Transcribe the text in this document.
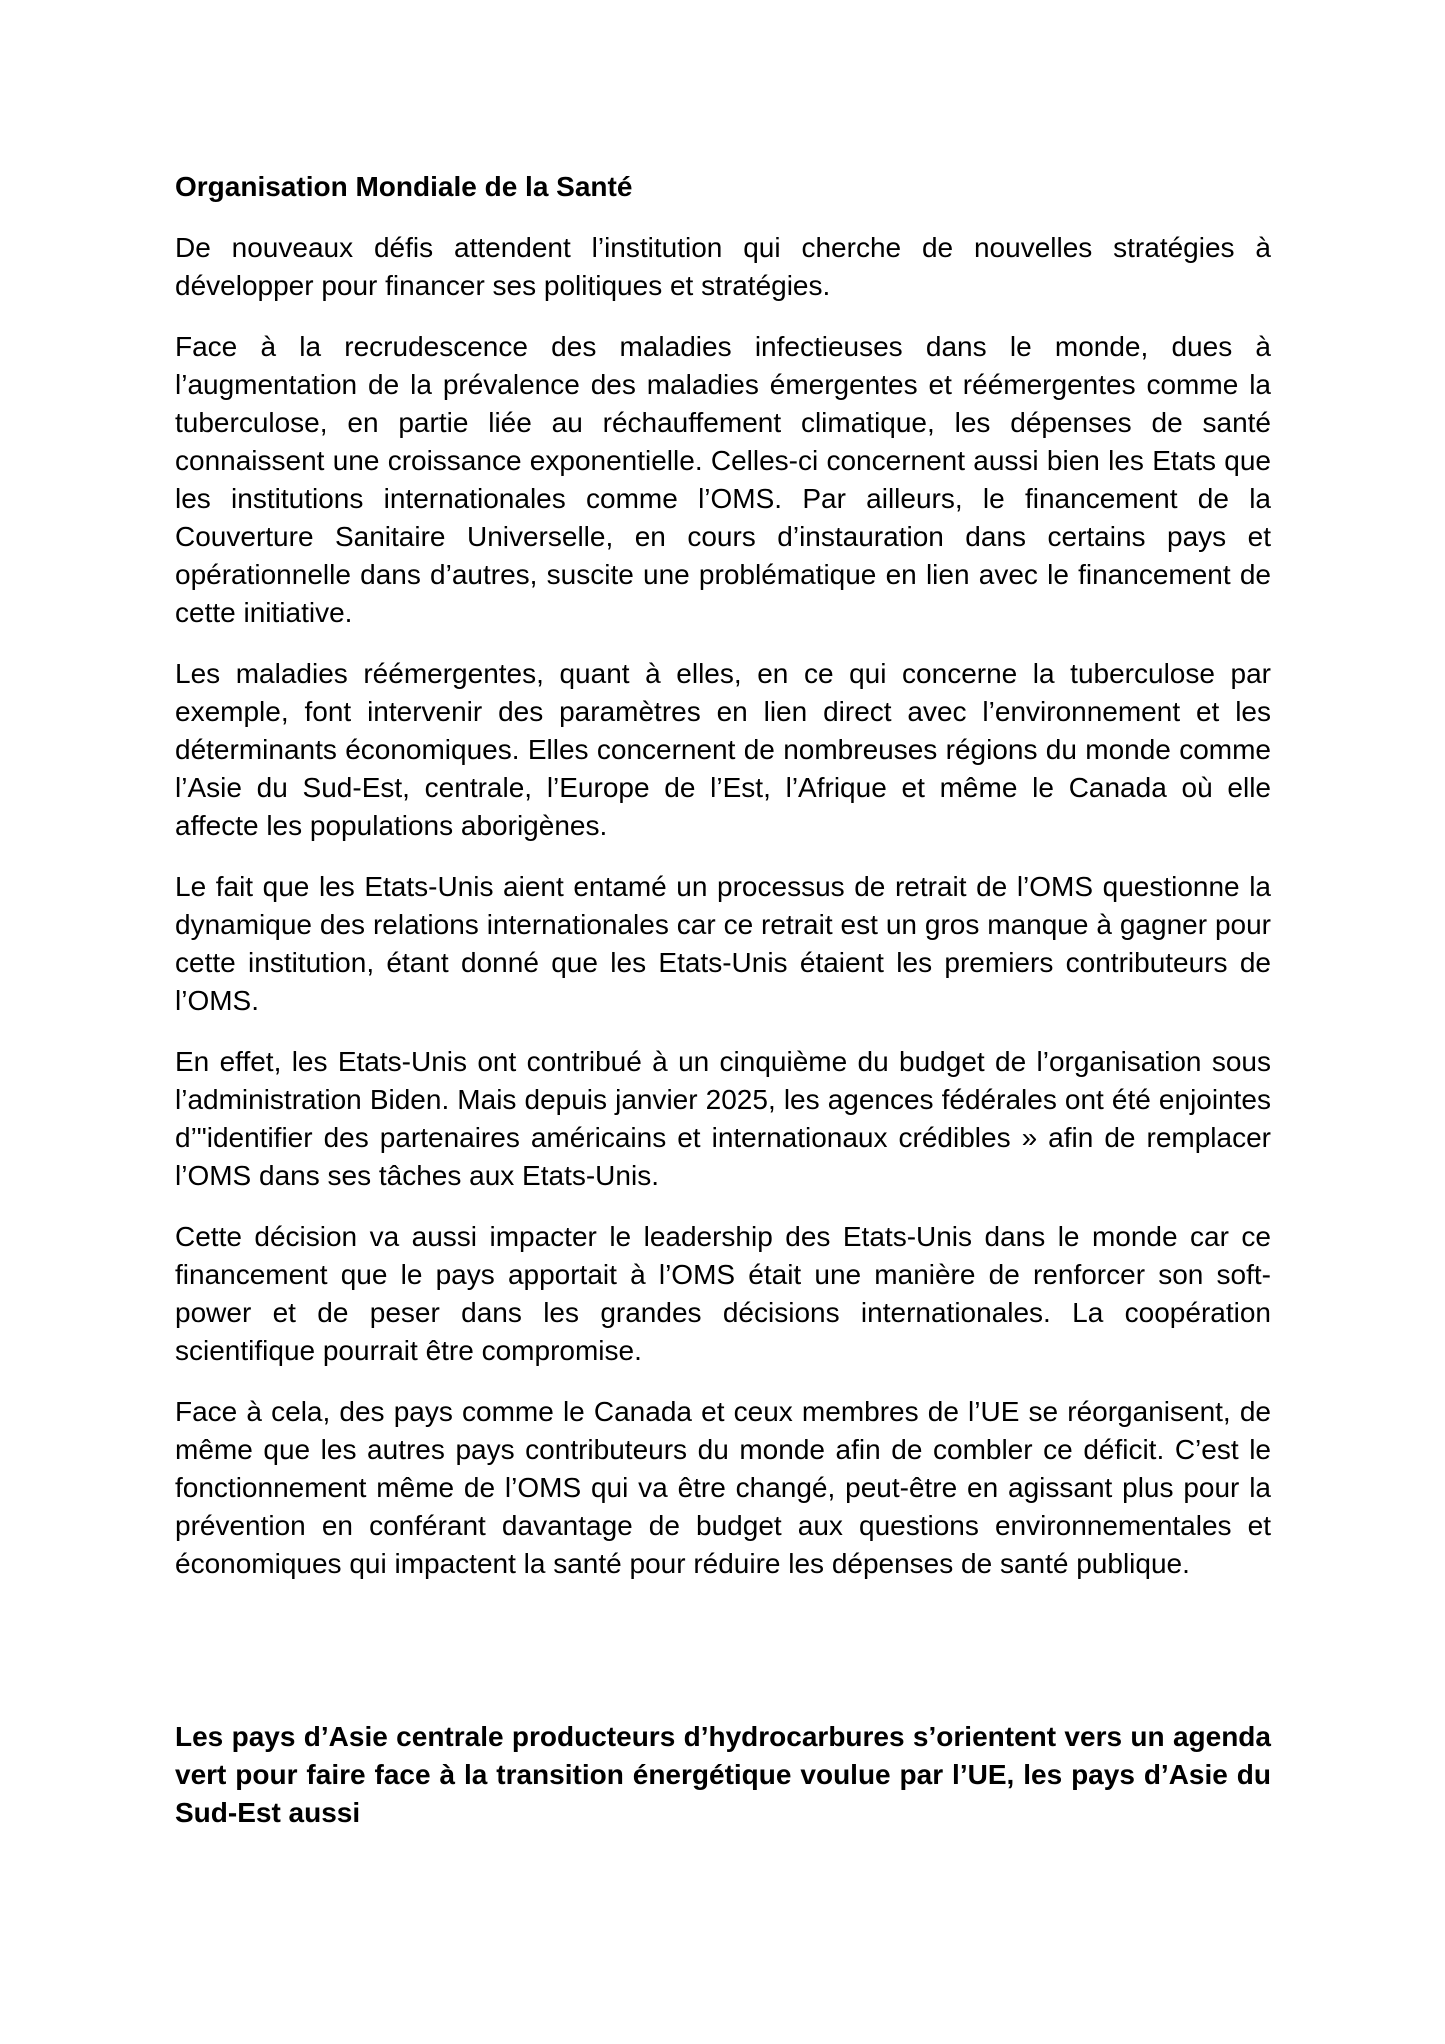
Organisation Mondiale de la Santé

De nouveaux défis attendent l’institution qui cherche de nouvelles stratégies à développer pour financer ses politiques et stratégies.

Face à la recrudescence des maladies infectieuses dans le monde, dues à l’augmentation de la prévalence des maladies émergentes et réémergentes comme la tuberculose, en partie liée au réchauffement climatique, les dépenses de santé connaissent une croissance exponentielle. Celles-ci concernent aussi bien les Etats que les institutions internationales comme l’OMS. Par ailleurs, le financement de la Couverture Sanitaire Universelle, en cours d’instauration dans certains pays et opérationnelle dans d’autres, suscite une problématique en lien avec le financement de cette initiative.

Les maladies réémergentes, quant à elles, en ce qui concerne la tuberculose par exemple, font intervenir des paramètres en lien direct avec l’environnement et les déterminants économiques. Elles concernent de nombreuses régions du monde comme l’Asie du Sud-Est, centrale, l’Europe de l’Est, l’Afrique et même le Canada où elle affecte les populations aborigènes.

Le fait que les Etats-Unis aient entamé un processus de retrait de l’OMS questionne la dynamique des relations internationales car ce retrait est un gros manque à gagner pour cette institution, étant donné que les Etats-Unis étaient les premiers contributeurs de l’OMS.

En effet, les Etats-Unis ont contribué à un cinquième du budget de l’organisation sous l’administration Biden. Mais depuis janvier 2025, les agences fédérales ont été enjointes d’"identifier des partenaires américains et internationaux crédibles » afin de remplacer l’OMS dans ses tâches aux Etats-Unis.

Cette décision va aussi impacter le leadership des Etats-Unis dans le monde car ce financement que le pays apportait à l’OMS était une manière de renforcer son soft-power et de peser dans les grandes décisions internationales. La coopération scientifique pourrait être compromise.

Face à cela, des pays comme le Canada et ceux membres de l’UE se réorganisent, de même que les autres pays contributeurs du monde afin de combler ce déficit. C’est le fonctionnement même de l’OMS qui va être changé, peut-être en agissant plus pour la prévention en conférant davantage de budget aux questions environnementales et économiques qui impactent la santé pour réduire les dépenses de santé publique.

Les pays d’Asie centrale producteurs d’hydrocarbures s’orientent vers un agenda vert pour faire face à la transition énergétique voulue par l’UE, les pays d’Asie du Sud-Est aussi
